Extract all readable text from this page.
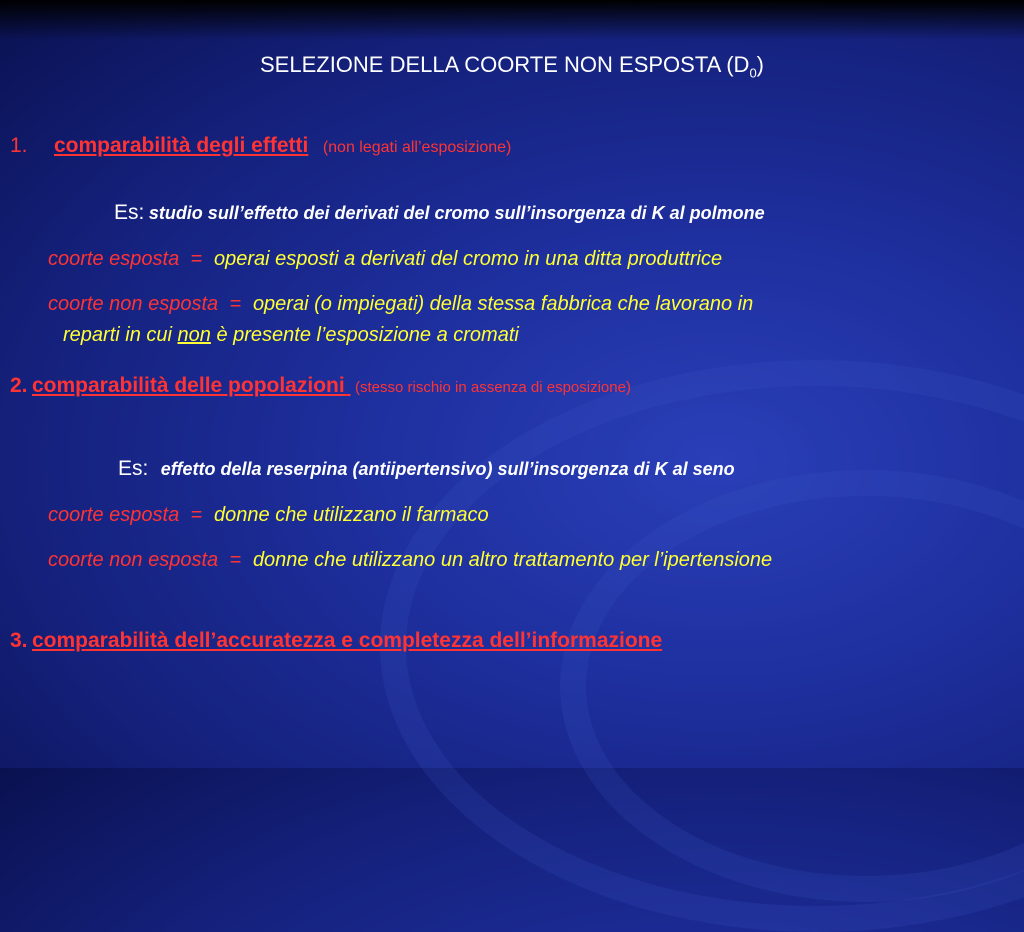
SELEZIONE DELLA COORTE NON ESPOSTA $(D_0)$
1. comparabilità degli effetti (non legati all’esposizione)
Es: studio sull’effetto dei derivati del cromo sull’insorgenza di K al polmone
coorte esposta = operai esposti a derivati del cromo in una ditta produttrice
coorte non esposta = operai (o impiegati) della stessa fabbrica che lavorano in
reparti in cui non è presente l’esposizione a cromati
2. comparabilità delle popolazioni  (stesso rischio in assenza di esposizione)
Es: effetto della reserpina (antiipertensivo) sull’insorgenza di K al seno
coorte esposta = donne che utilizzano il farmaco
coorte non esposta = donne che utilizzano un altro trattamento per l’ipertensione
3. comparabilità dell’accuratezza e completezza dell’informazione
